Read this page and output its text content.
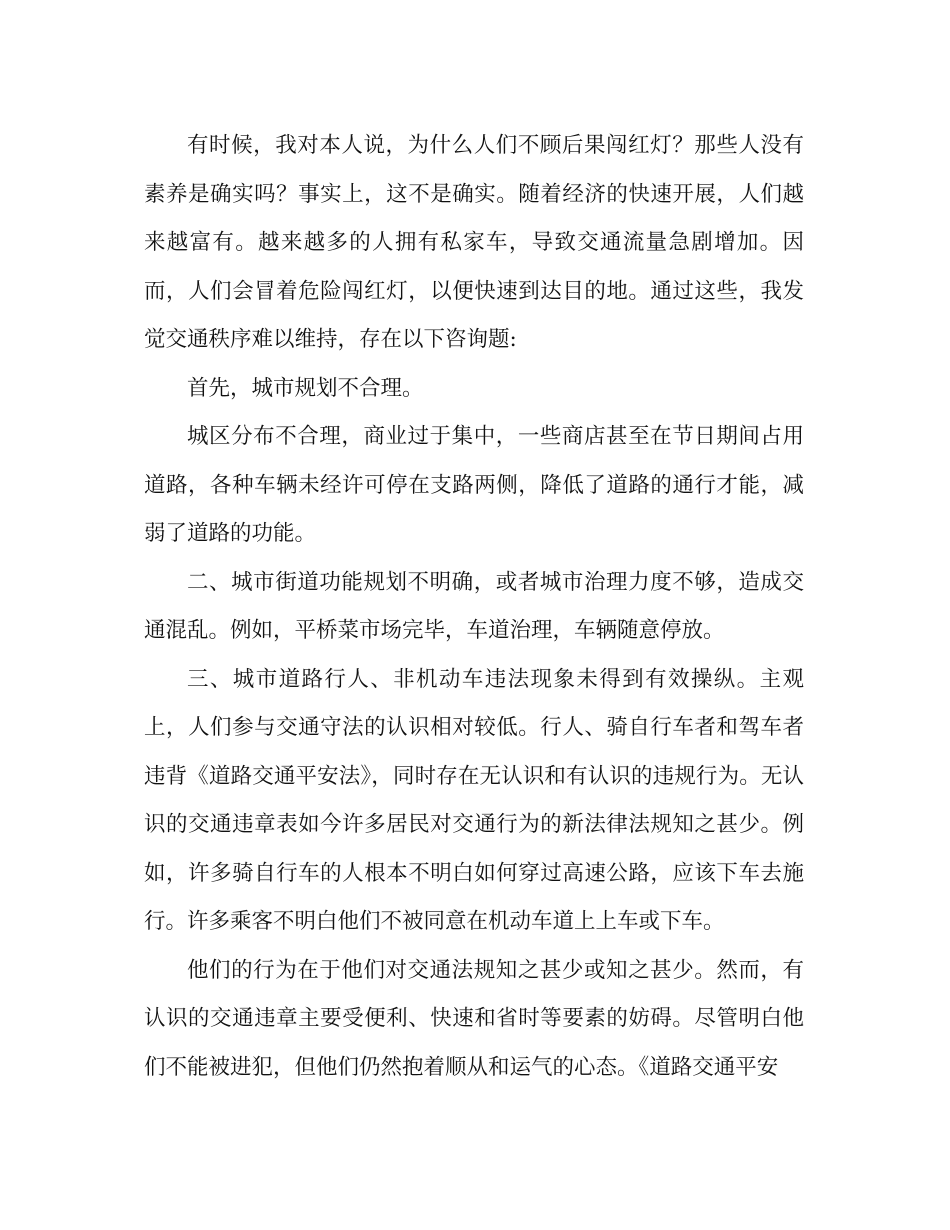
有时候，我对本人说，为什么人们不顾后果闯红灯？那些人没有素养是确实吗？事实上，这不是确实。随着经济的快速开展，人们越来越富有。越来越多的人拥有私家车，导致交通流量急剧增加。因而，人们会冒着危险闯红灯，以便快速到达目的地。通过这些，我发觉交通秩序难以维持，存在以下咨询题:

首先，城市规划不合理。

城区分布不合理，商业过于集中，一些商店甚至在节日期间占用道路，各种车辆未经许可停在支路两侧，降低了道路的通行才能，减弱了道路的功能。

二、城市街道功能规划不明确，或者城市治理力度不够，造成交通混乱。例如，平桥菜市场完毕，车道治理，车辆随意停放。

三、城市道路行人、非机动车违法现象未得到有效操纵。主观上，人们参与交通守法的认识相对较低。行人、骑自行车者和驾车者违背《道路交通平安法》，同时存在无认识和有认识的违规行为。无认识的交通违章表如今许多居民对交通行为的新法律法规知之甚少。例如，许多骑自行车的人根本不明白如何穿过高速公路，应该下车去施行。许多乘客不明白他们不被同意在机动车道上上车或下车。

他们的行为在于他们对交通法规知之甚少或知之甚少。然而，有认识的交通违章主要受便利、快速和省时等要素的妨碍。尽管明白他们不能被进犯，但他们仍然抱着顺从和运气的心态。《道路交通平安
